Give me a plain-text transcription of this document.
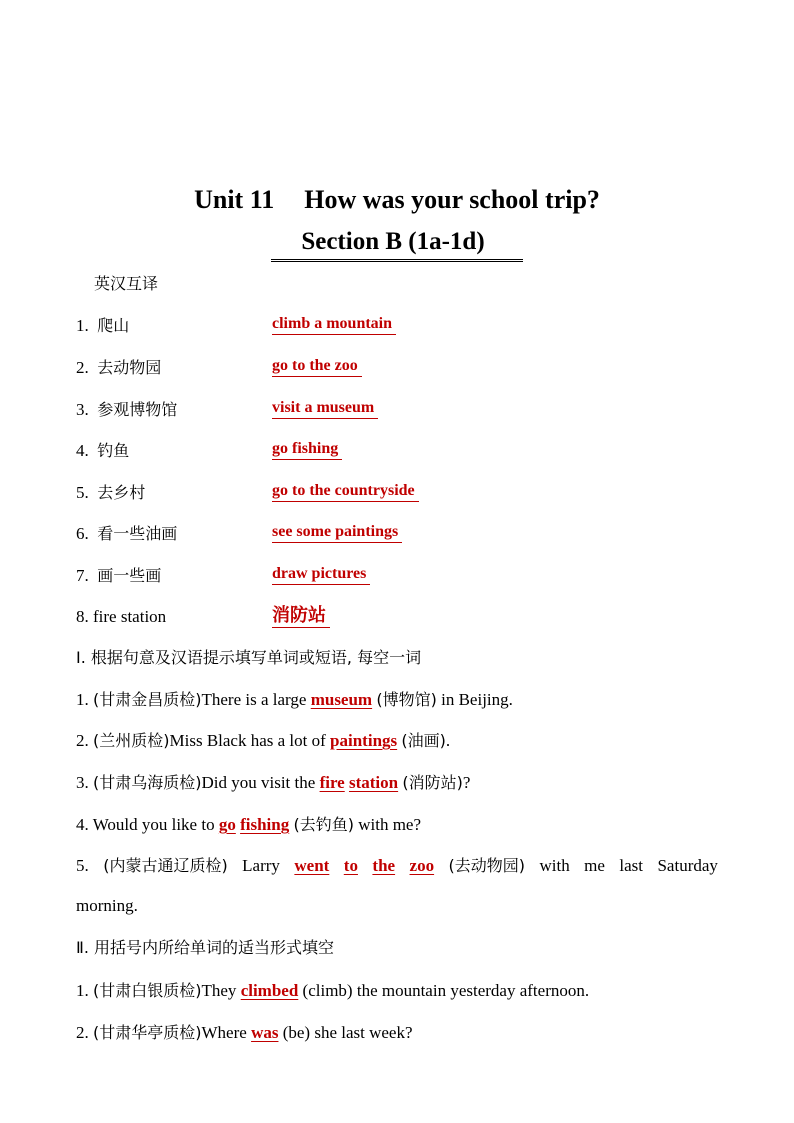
Unit 11 How was your school trip?
Section B (1a-1d)
英汉互译
1. 爬山	climb a mountain
2. 去动物园	go to the zoo
3. 参观博物馆	visit a museum
4. 钓鱼	go fishing
5. 去乡村	go to the countryside
6. 看一些油画	see some paintings
7. 画一些画	draw pictures
8. fire station	消防站
Ⅰ. 根据句意及汉语提示填写单词或短语, 每空一词
1. (甘肃金昌质检)There is a large museum (博物馆) in Beijing.
2. (兰州质检)Miss Black has a lot of paintings (油画).
3. (甘肃乌海质检)Did you visit the fire station (消防站)?
4. Would you like to go fishing (去钓鱼) with me?
5. (内蒙古通辽质检) Larry went to the zoo (去动物园) with me last Saturday
morning.
Ⅱ. 用括号内所给单词的适当形式填空
1. (甘肃白银质检)They climbed (climb) the mountain yesterday afternoon.
2. (甘肃华亭质检)Where was (be) she last week?
